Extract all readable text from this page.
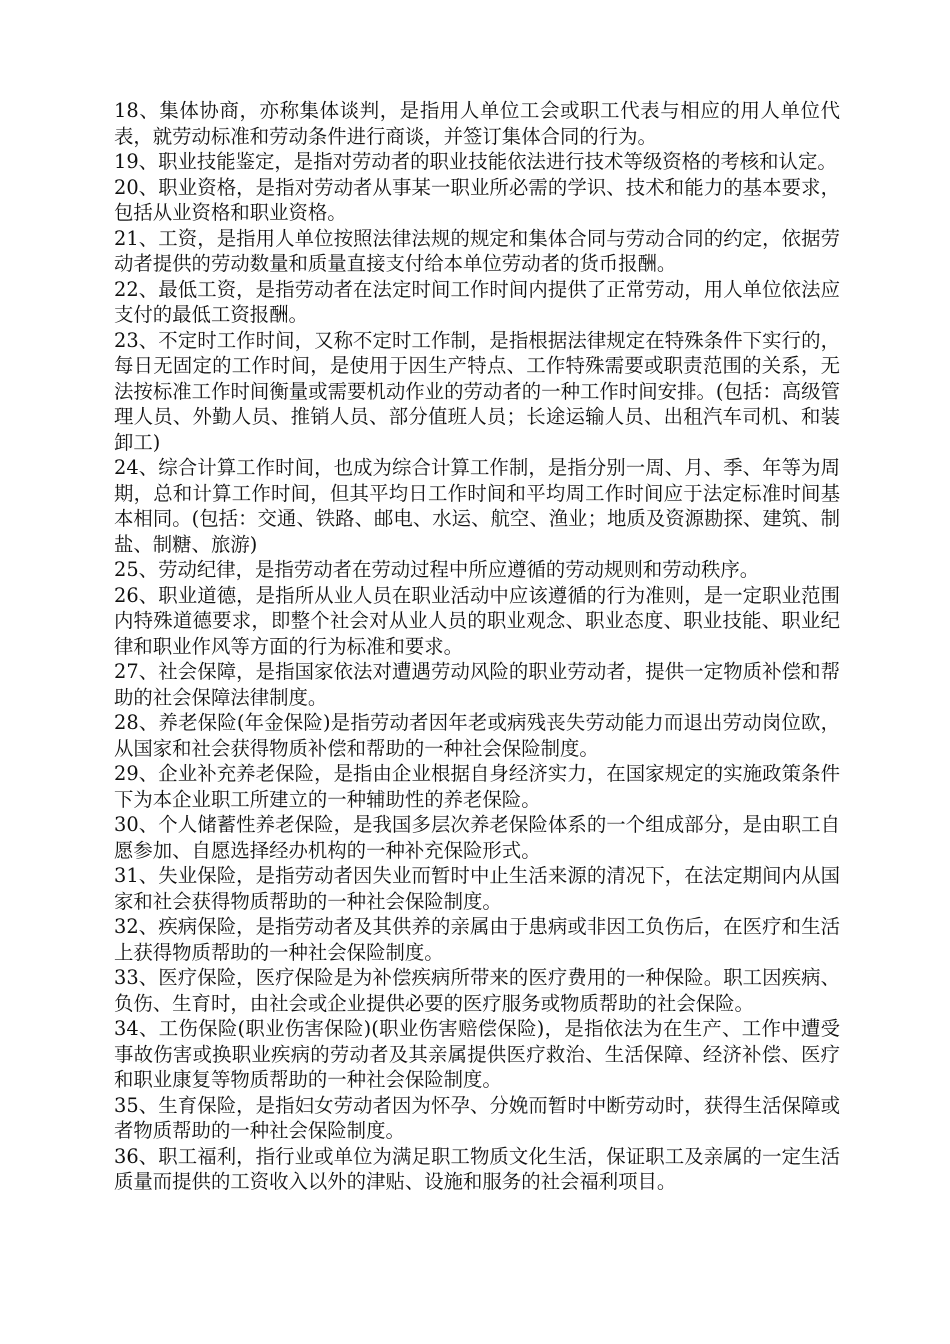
18、集体协商，亦称集体谈判，是指用人单位工会或职工代表与相应的用人单位代表，就劳动标准和劳动条件进行商谈，并签订集体合同的行为。

19、职业技能鉴定，是指对劳动者的职业技能依法进行技术等级资格的考核和认定。

20、职业资格，是指对劳动者从事某一职业所必需的学识、技术和能力的基本要求，包括从业资格和职业资格。

21、工资，是指用人单位按照法律法规的规定和集体合同与劳动合同的约定，依据劳动者提供的劳动数量和质量直接支付给本单位劳动者的货币报酬。

22、最低工资，是指劳动者在法定时间工作时间内提供了正常劳动，用人单位依法应支付的最低工资报酬。

23、不定时工作时间，又称不定时工作制，是指根据法律规定在特殊条件下实行的，每日无固定的工作时间，是使用于因生产特点、工作特殊需要或职责范围的关系，无法按标准工作时间衡量或需要机动作业的劳动者的一种工作时间安排。(包括：高级管理人员、外勤人员、推销人员、部分值班人员；长途运输人员、出租汽车司机、和装卸工)

24、综合计算工作时间，也成为综合计算工作制，是指分别一周、月、季、年等为周期，总和计算工作时间，但其平均日工作时间和平均周工作时间应于法定标准时间基本相同。(包括：交通、铁路、邮电、水运、航空、渔业；地质及资源勘探、建筑、制盐、制糖、旅游)

25、劳动纪律，是指劳动者在劳动过程中所应遵循的劳动规则和劳动秩序。

26、职业道德，是指所从业人员在职业活动中应该遵循的行为准则，是一定职业范围内特殊道德要求，即整个社会对从业人员的职业观念、职业态度、职业技能、职业纪律和职业作风等方面的行为标准和要求。

27、社会保障，是指国家依法对遭遇劳动风险的职业劳动者，提供一定物质补偿和帮助的社会保障法律制度。

28、养老保险(年金保险)是指劳动者因年老或病残丧失劳动能力而退出劳动岗位欧，从国家和社会获得物质补偿和帮助的一种社会保险制度。

29、企业补充养老保险，是指由企业根据自身经济实力，在国家规定的实施政策条件下为本企业职工所建立的一种辅助性的养老保险。

30、个人储蓄性养老保险，是我国多层次养老保险体系的一个组成部分，是由职工自愿参加、自愿选择经办机构的一种补充保险形式。

31、失业保险，是指劳动者因失业而暂时中止生活来源的清况下，在法定期间内从国家和社会获得物质帮助的一种社会保险制度。

32、疾病保险，是指劳动者及其供养的亲属由于患病或非因工负伤后，在医疗和生活上获得物质帮助的一种社会保险制度。

33、医疗保险，医疗保险是为补偿疾病所带来的医疗费用的一种保险。职工因疾病、负伤、生育时，由社会或企业提供必要的医疗服务或物质帮助的社会保险。

34、工伤保险(职业伤害保险)(职业伤害赔偿保险)，是指依法为在生产、工作中遭受事故伤害或换职业疾病的劳动者及其亲属提供医疗救治、生活保障、经济补偿、医疗和职业康复等物质帮助的一种社会保险制度。

35、生育保险，是指妇女劳动者因为怀孕、分娩而暂时中断劳动时，获得生活保障或者物质帮助的一种社会保险制度。

36、职工福利，指行业或单位为满足职工物质文化生活，保证职工及亲属的一定生活质量而提供的工资收入以外的津贴、设施和服务的社会福利项目。
